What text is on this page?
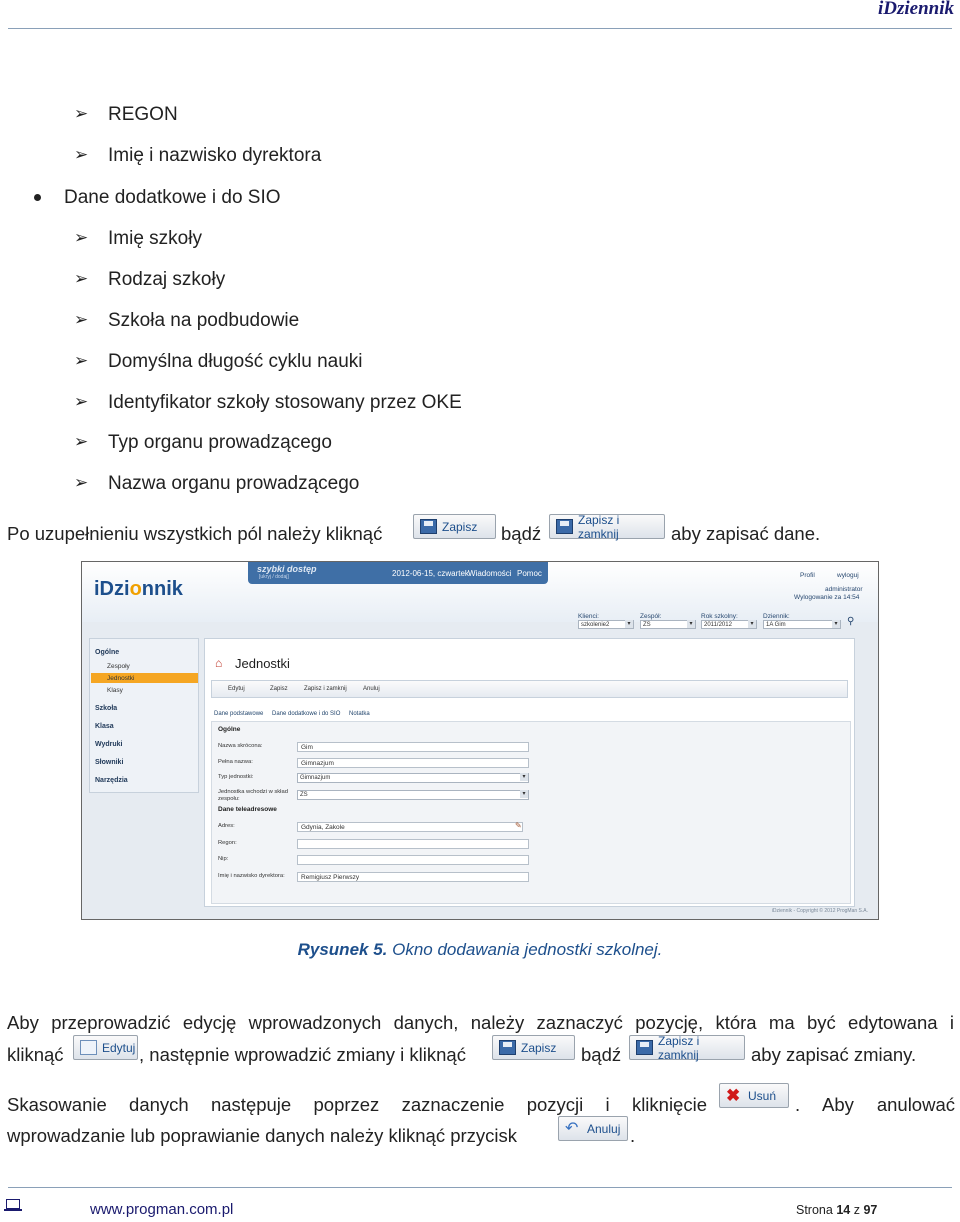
iDziennik
➢ REGON
➢ Imię i nazwisko dyrektora
Dane dodatkowe i do SIO
➢ Imię szkoły
➢ Rodzaj szkoły
➢ Szkoła na podbudowie
➢ Domyślna długość cyklu nauki
➢ Identyfikator szkoły stosowany przez OKE
➢ Typ organu prowadzącego
➢ Nazwa organu prowadzącego
Po uzupełnieniu wszystkich pól należy kliknąć	Zapisz bądź
Zapisz i zamknij	aby zapisać dane.
iDzionnik
2012-06-15, czwartek Wiadomości Pomoc
szybki dostęp
[ukryj / dodaj]	Profil	wyloguj
administrator
Wylogowanie za 14:54
Klienci:
szkolenie2 ▾
Zespół:
ZS ▾
Rok szkolny:
2011/2012 ▾
Dziennik:
1A Gim ▾	⚲
Ogólne
Zespoły
Jednostki
Klasy
Szkoła
Klasa
Wydruki
Słowniki
Narzędzia
⌂ Jednostki
Edytuj	Zapisz	Zapisz i zamknij	Anuluj
Dane podstawowe Dane dodatkowe i do SIO Notatka
Ogólne
Nazwa skrócona:	Gim
Pełna nazwa:	Gimnazjum
Typ jednostki:	Gimnazjum ▾
Jednostka wchodzi w skład zespołu:
ZS ▾
Dane teleadresowe
Adres:	Gdynia, Zakole	✎
Regon:
Nip:
Imię i nazwisko dyrektora:	Remigiusz Pierwszy
iDziennik - Copyright © 2012 ProgMan S.A.
Rysunek 5. Okno dodawania jednostki szkolnej.
Aby przeprowadzić edycję wprowadzonych danych, należy zaznaczyć pozycję, która ma być edytowana i
kliknąć	Edytuj , następnie wprowadzić zmiany i kliknąć	Zapisz bądź
Zapisz i zamknij	aby zapisać zmiany.
Skasowanie danych następuje poprzez zaznaczenie pozycji i kliknięcie ✖ Usuń . Aby anulować
wprowadzanie lub poprawianie danych należy kliknąć przycisk	↶ Anuluj .
www.progman.com.pl	Strona 14 z 97
